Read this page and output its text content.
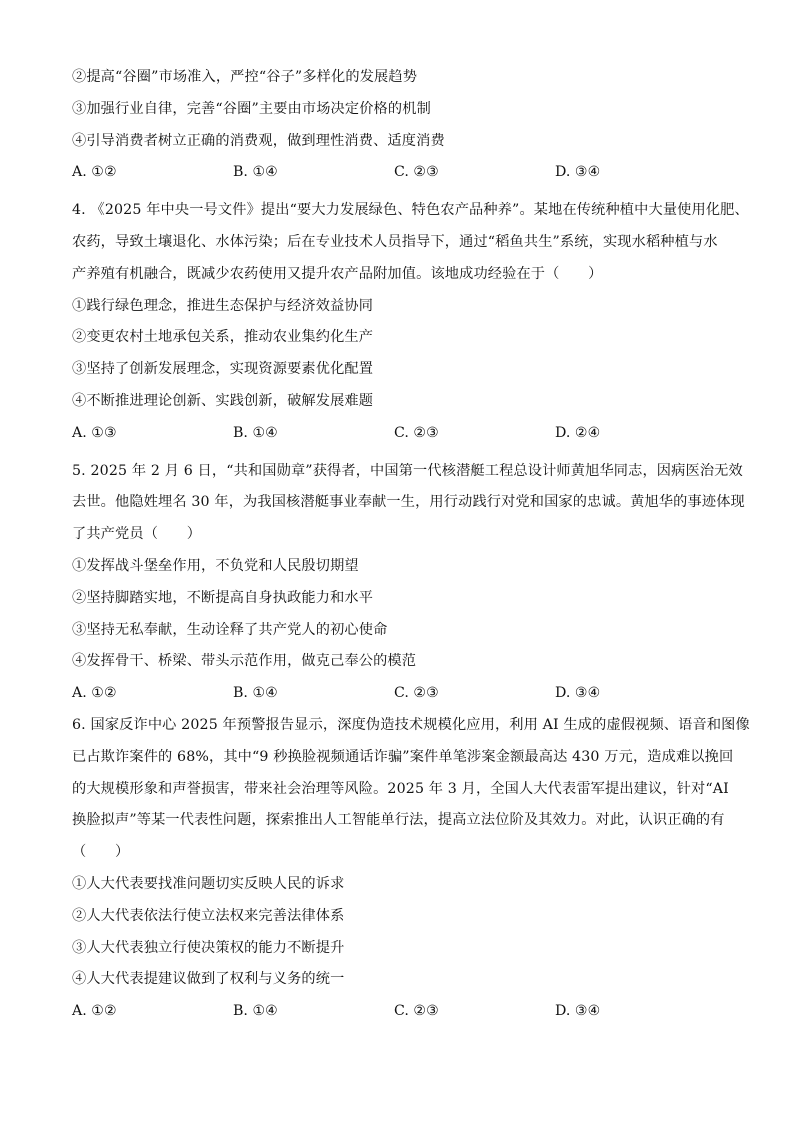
②提高“谷圈”市场准入，严控“谷子”多样化的发展趋势
③加强行业自律，完善“谷圈”主要由市场决定价格的机制
④引导消费者树立正确的消费观，做到理性消费、适度消费
A. ①②	B. ①④	C. ②③	D. ③④
4. 《2025 年中央一号文件》提出“要大力发展绿色、特色农产品种养”。某地在传统种植中大量使用化肥、
农药，导致土壤退化、水体污染；后在专业技术人员指导下，通过“稻鱼共生”系统，实现水稻种植与水
产养殖有机融合，既减少农药使用又提升农产品附加值。该地成功经验在于（　　）
①践行绿色理念，推进生态保护与经济效益协同
②变更农村土地承包关系，推动农业集约化生产
③坚持了创新发展理念，实现资源要素优化配置
④不断推进理论创新、实践创新，破解发展难题
A. ①③	B. ①④	C. ②③	D. ②④
5. 2025 年 2 月 6 日，“共和国勋章”获得者，中国第一代核潜艇工程总设计师黄旭华同志，因病医治无效
去世。他隐姓埋名 30 年，为我国核潜艇事业奉献一生，用行动践行对党和国家的忠诚。黄旭华的事迹体现
了共产党员（　　）
①发挥战斗堡垒作用，不负党和人民殷切期望
②坚持脚踏实地，不断提高自身执政能力和水平
③坚持无私奉献，生动诠释了共产党人的初心使命
④发挥骨干、桥梁、带头示范作用，做克己奉公的模范
A. ①②	B. ①④	C. ②③	D. ③④
6. 国家反诈中心 2025 年预警报告显示，深度伪造技术规模化应用，利用 AI 生成的虚假视频、语音和图像
已占欺诈案件的 68%，其中“9 秒换脸视频通话诈骗”案件单笔涉案金额最高达 430 万元，造成难以挽回
的大规模形象和声誉损害，带来社会治理等风险。2025 年 3 月，全国人大代表雷军提出建议，针对“AI
换脸拟声”等某一代表性问题，探索推出人工智能单行法，提高立法位阶及其效力。对此，认识正确的有
（　　）
①人大代表要找准问题切实反映人民的诉求
②人大代表依法行使立法权来完善法律体系
③人大代表独立行使决策权的能力不断提升
④人大代表提建议做到了权利与义务的统一
A. ①②	B. ①④	C. ②③	D. ③④
